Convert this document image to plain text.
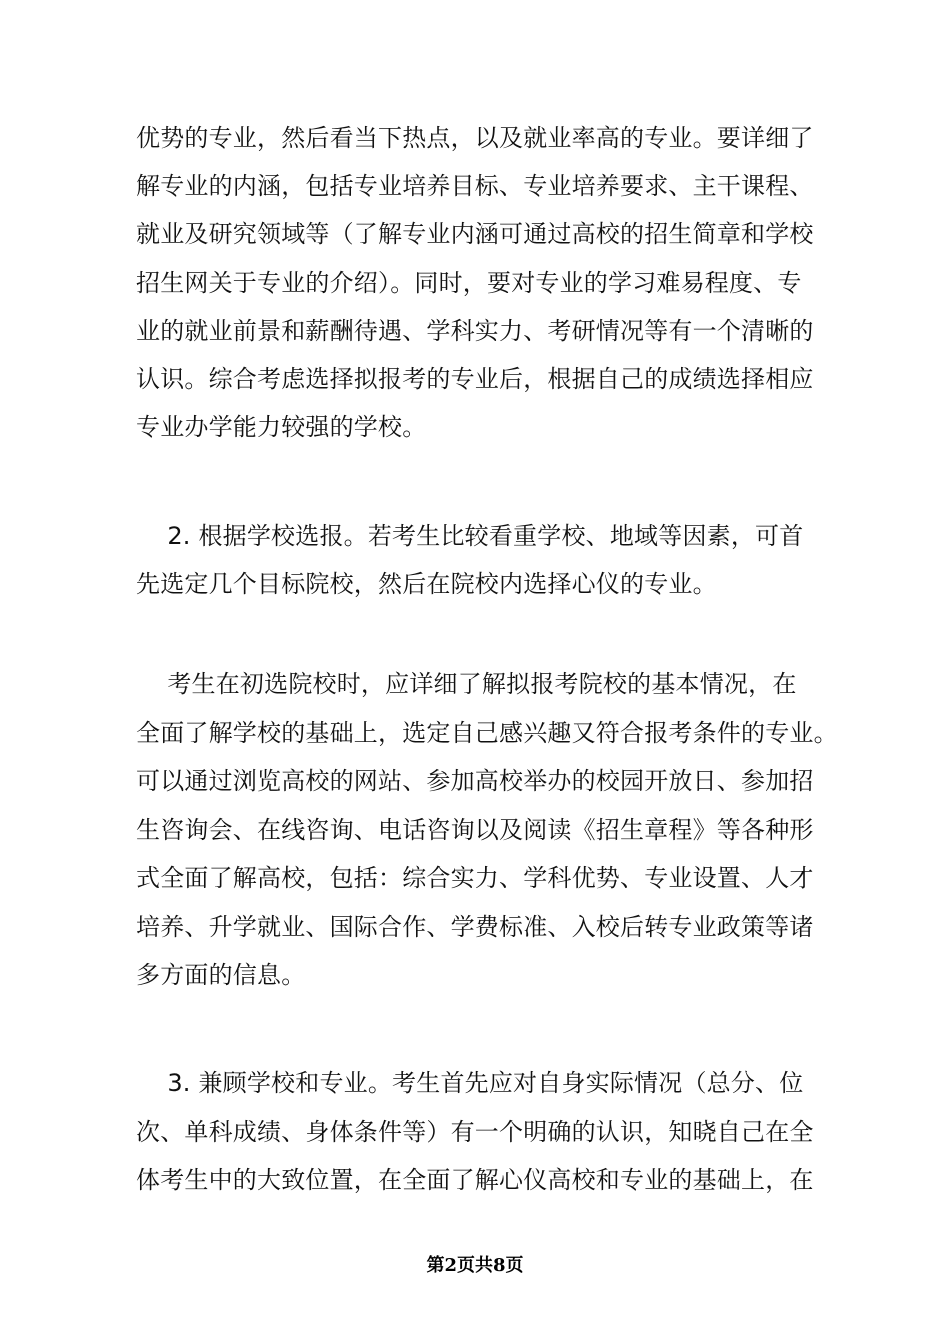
优势的专业，然后看当下热点，以及就业率高的专业。要详细了
解专业的内涵，包括专业培养目标、专业培养要求、主干课程、
就业及研究领域等（了解专业内涵可通过高校的招生简章和学校
招生网关于专业的介绍）。同时，要对专业的学习难易程度、专
业的就业前景和薪酬待遇、学科实力、考研情况等有一个清晰的
认识。综合考虑选择拟报考的专业后，根据自己的成绩选择相应
专业办学能力较强的学校。
2. 根据学校选报。若考生比较看重学校、地域等因素，可首
先选定几个目标院校，然后在院校内选择心仪的专业。
考生在初选院校时，应详细了解拟报考院校的基本情况，在
全面了解学校的基础上，选定自己感兴趣又符合报考条件的专业。
可以通过浏览高校的网站、参加高校举办的校园开放日、参加招
生咨询会、在线咨询、电话咨询以及阅读《招生章程》等各种形
式全面了解高校，包括：综合实力、学科优势、专业设置、人才
培养、升学就业、国际合作、学费标准、入校后转专业政策等诸
多方面的信息。
3. 兼顾学校和专业。考生首先应对自身实际情况（总分、位
次、单科成绩、身体条件等）有一个明确的认识，知晓自己在全
体考生中的大致位置，在全面了解心仪高校和专业的基础上，在
第2页共8页
